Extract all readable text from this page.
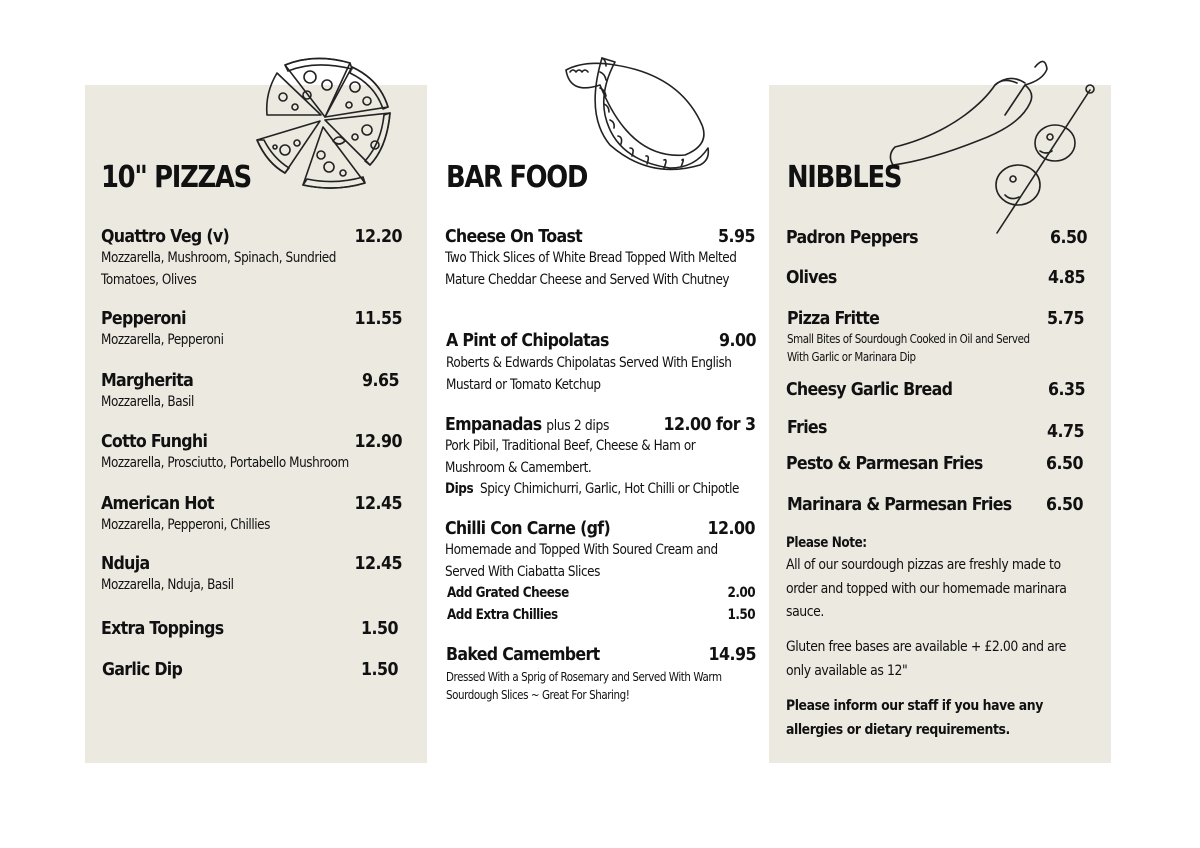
10" PIZZAS
Quattro Veg (v)	12.20
Mozzarella, Mushroom, Spinach, Sundried Tomatoes, Olives
Pepperoni	11.55
Mozzarella, Pepperoni
Margherita	9.65
Mozzarella, Basil
Cotto Funghi	12.90
Mozzarella, Prosciutto, Portabello Mushroom
American Hot	12.45
Mozzarella, Pepperoni, Chillies
Nduja	12.45
Mozzarella, Nduja, Basil
Extra Toppings	1.50
Garlic Dip	1.50
BAR FOOD
Cheese On Toast	5.95
Two Thick Slices of White Bread Topped With Melted Mature Cheddar Cheese and Served With Chutney
A Pint of Chipolatas	9.00
Roberts & Edwards Chipolatas Served With English Mustard or Tomato Ketchup
Empanadas plus 2 dips	12.00 for 3
Pork Pibil, Traditional Beef, Cheese & Ham or Mushroom & Camembert.
Dips Spicy Chimichurri, Garlic, Hot Chilli or Chipotle
Chilli Con Carne (gf)	12.00
Homemade and Topped With Soured Cream and Served With Ciabatta Slices
Add Grated Cheese	2.00
Add Extra Chillies	1.50
Baked Camembert	14.95
Dressed With a Sprig of Rosemary and Served With Warm Sourdough Slices ~ Great For Sharing!
NIBBLES
Padron Peppers	6.50
Olives	4.85
Pizza Fritte	5.75
Small Bites of Sourdough Cooked in Oil and Served With Garlic or Marinara Dip
Cheesy Garlic Bread	6.35
Fries	4.75
Pesto & Parmesan Fries	6.50
Marinara & Parmesan Fries 6.50
Please Note:
All of our sourdough pizzas are freshly made to order and topped with our homemade marinara sauce.
Gluten free bases are available + £2.00 and are only available as 12"
Please inform our staff if you have any allergies or dietary requirements.
